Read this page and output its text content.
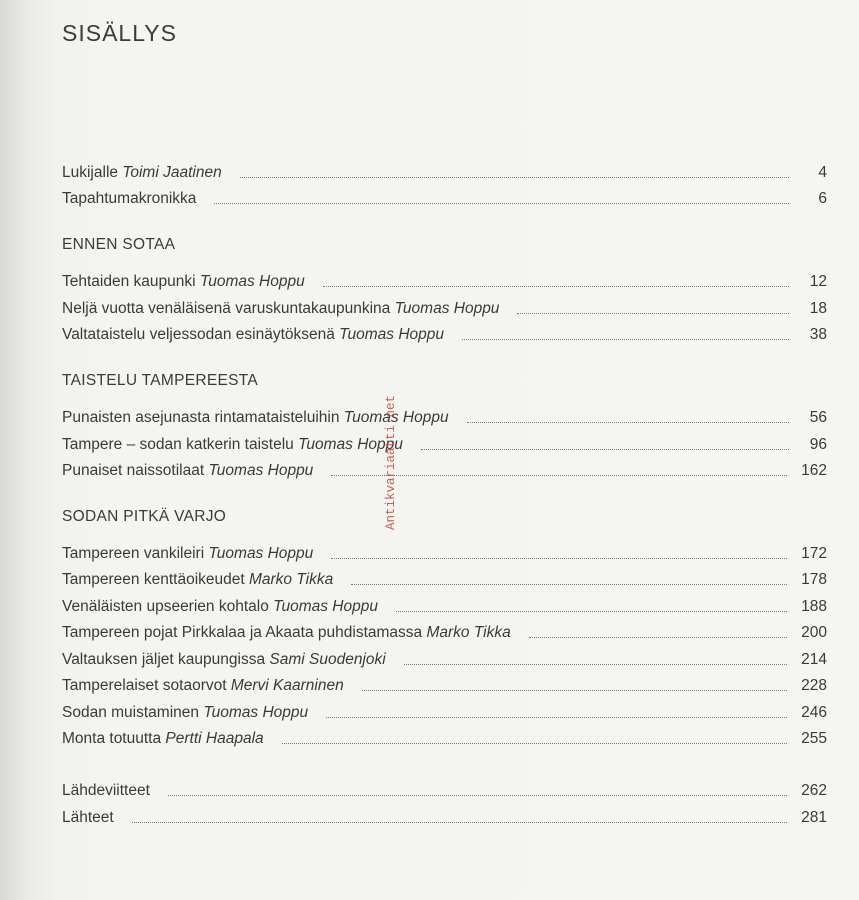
SISÄLLYS
Lukijalle Toimi Jaatinen	4
Tapahtumakronikka	6
ENNEN SOTAA
Tehtaiden kaupunki Tuomas Hoppu	12
Neljä vuotta venäläisenä varuskuntakaupunkina Tuomas Hoppu	18
Valtataistelu veljessodan esinäytöksenä Tuomas Hoppu	38
TAISTELU TAMPEREESTA
Punaisten asejunasta rintamataisteluihin Tuomas Hoppu	56
Tampere – sodan katkerin taistelu Tuomas Hoppu	96
Punaiset naissotilaat Tuomas Hoppu	162
SODAN PITKÄ VARJO
Tampereen vankileiri Tuomas Hoppu	172
Tampereen kenttäoikeudet Marko Tikka	178
Venäläisten upseerien kohtalo Tuomas Hoppu	188
Tampereen pojat Pirkkalaa ja Akaata puhdistamassa Marko Tikka	200
Valtauksen jäljet kaupungissa Sami Suodenjoki	214
Tamperelaiset sotaorvot Mervi Kaarninen	228
Sodan muistaminen Tuomas Hoppu	246
Monta totuutta Pertti Haapala	255
Lähdeviitteet	262
Lähteet	281
Antikvariaatti.net
